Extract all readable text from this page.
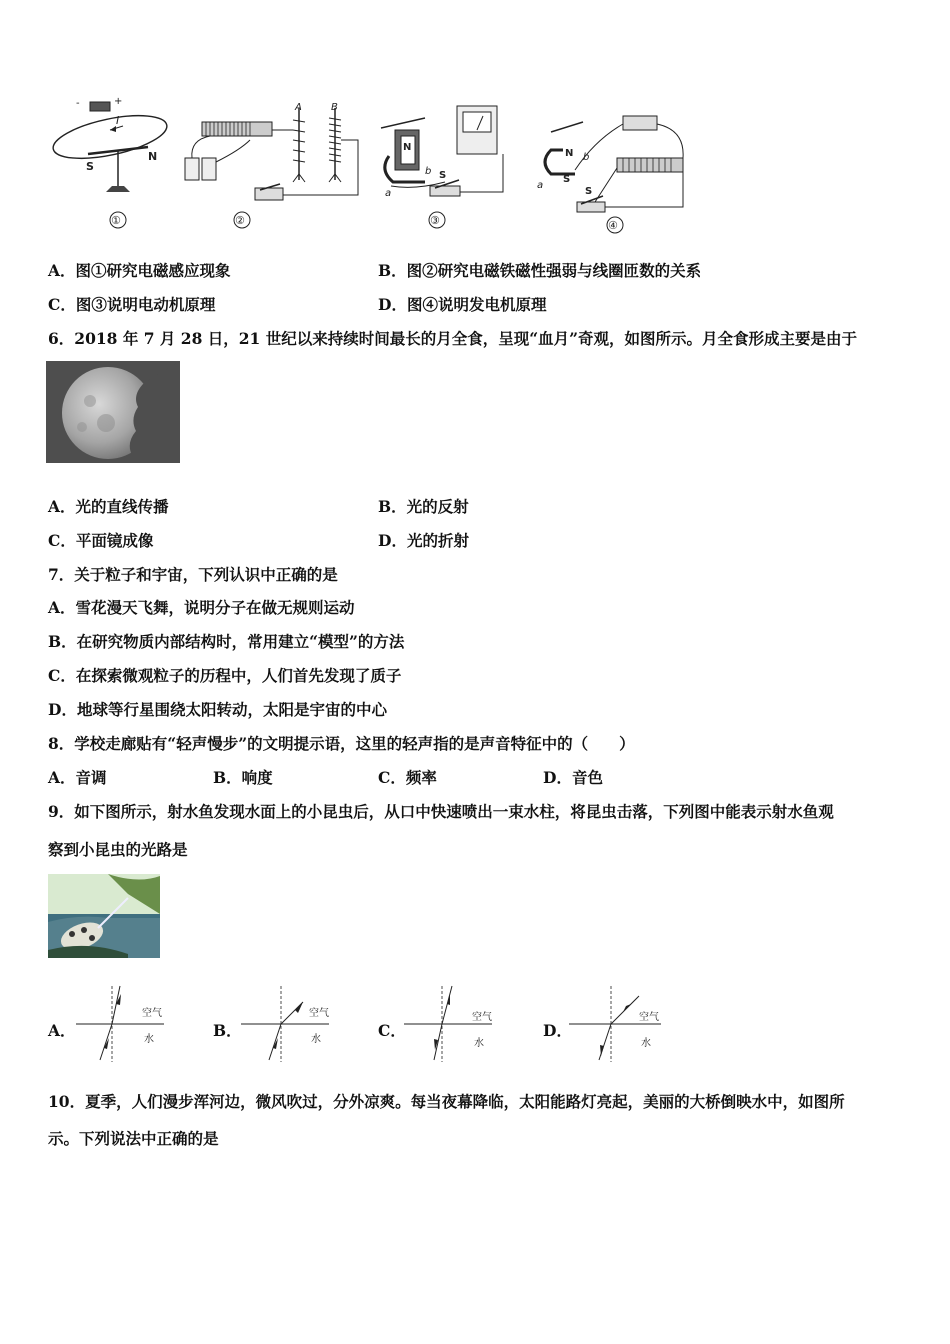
-	+
I
S
N
①
A	B
②
N
a
b S
③
N
S
a
b
S
④
A．图①研究电磁感应现象	B．图②研究电磁铁磁性强弱与线圈匝数的关系
C．图③说明电动机原理	D．图④说明发电机原理
6．2018 年 7 月 28 日，21 世纪以来持续时间最长的月全食，呈现“血月”奇观，如图所示。月全食形成主要是由于
A．光的直线传播	B．光的反射
C．平面镜成像	D．光的折射
7．关于粒子和宇宙，下列认识中正确的是
A．雪花漫天飞舞，说明分子在做无规则运动
B．在研究物质内部结构时，常用建立“模型”的方法
C．在探索微观粒子的历程中，人们首先发现了质子
D．地球等行星围绕太阳转动，太阳是宇宙的中心
8．学校走廊贴有“轻声慢步”的文明提示语，这里的轻声指的是声音特征中的（　　）
A．音调	B．响度	C．频率	D．音色
9．如下图所示，射水鱼发现水面上的小昆虫后，从口中快速喷出一束水柱，将昆虫击落，下列图中能表示射水鱼观
察到小昆虫的光路是
A．
空气
水	B．
空气
水	C．
空气
水
D．
空气
水
10．夏季，人们漫步浑河边，微风吹过，分外凉爽。每当夜幕降临，太阳能路灯亮起，美丽的大桥倒映水中，如图所
示。下列说法中正确的是
